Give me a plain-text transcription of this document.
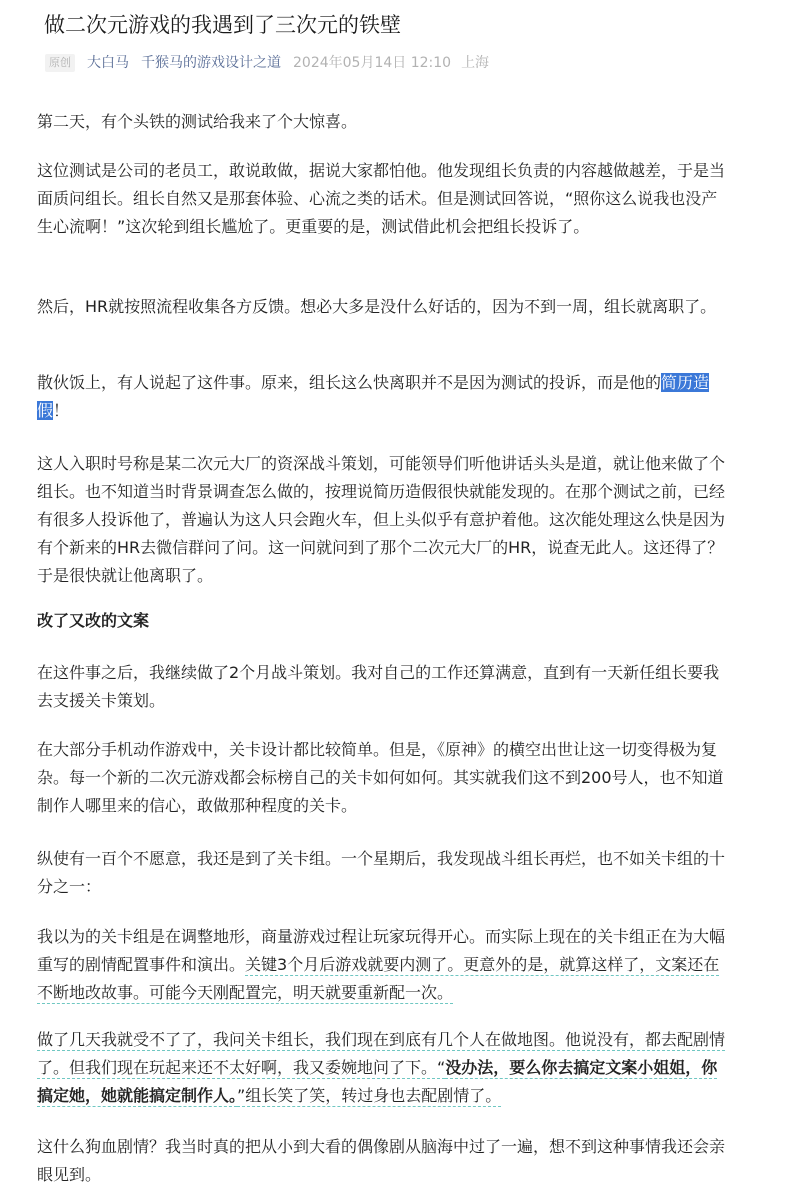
做二次元游戏的我遇到了三次元的铁壁
原创 大白马 千猴马的游戏设计之道 2024年05月14日 12:10 上海

第二天，有个头铁的测试给我来了个大惊喜。

这位测试是公司的老员工，敢说敢做，据说大家都怕他。他发现组长负责的内容越做越差，于是当面质问组长。组长自然又是那套体验、心流之类的话术。但是测试回答说，“照你这么说我也没产生心流啊！”这次轮到组长尴尬了。更重要的是，测试借此机会把组长投诉了。

然后，HR就按照流程收集各方反馈。想必大多是没什么好话的，因为不到一周，组长就离职了。

散伙饭上，有人说起了这件事。原来，组长这么快离职并不是因为测试的投诉，而是他的简历造假！

这人入职时号称是某二次元大厂的资深战斗策划，可能领导们听他讲话头头是道，就让他来做了个组长。也不知道当时背景调查怎么做的，按理说简历造假很快就能发现的。在那个测试之前，已经有很多人投诉他了，普遍认为这人只会跑火车，但上头似乎有意护着他。这次能处理这么快是因为有个新来的HR去微信群问了问。这一问就问到了那个二次元大厂的HR，说查无此人。这还得了？于是很快就让他离职了。

改了又改的文案

在这件事之后，我继续做了2个月战斗策划。我对自己的工作还算满意，直到有一天新任组长要我去支援关卡策划。

在大部分手机动作游戏中，关卡设计都比较简单。但是，《原神》的横空出世让这一切变得极为复杂。每一个新的二次元游戏都会标榜自己的关卡如何如何。其实就我们这不到200号人，也不知道制作人哪里来的信心，敢做那种程度的关卡。

纵使有一百个不愿意，我还是到了关卡组。一个星期后，我发现战斗组长再烂，也不如关卡组的十分之一：

我以为的关卡组是在调整地形，商量游戏过程让玩家玩得开心。而实际上现在的关卡组正在为大幅重写的剧情配置事件和演出。关键3个月后游戏就要内测了。更意外的是，就算这样了，文案还在不断地改故事。可能今天刚配置完，明天就要重新配一次。

做了几天我就受不了了，我问关卡组长，我们现在到底有几个人在做地图。他说没有，都去配剧情了。但我们现在玩起来还不太好啊，我又委婉地问了下。“没办法，要么你去搞定文案小姐姐，你搞定她，她就能搞定制作人。”组长笑了笑，转过身也去配剧情了。

这什么狗血剧情？我当时真的把从小到大看的偶像剧从脑海中过了一遍，想不到这种事情我还会亲眼见到。
